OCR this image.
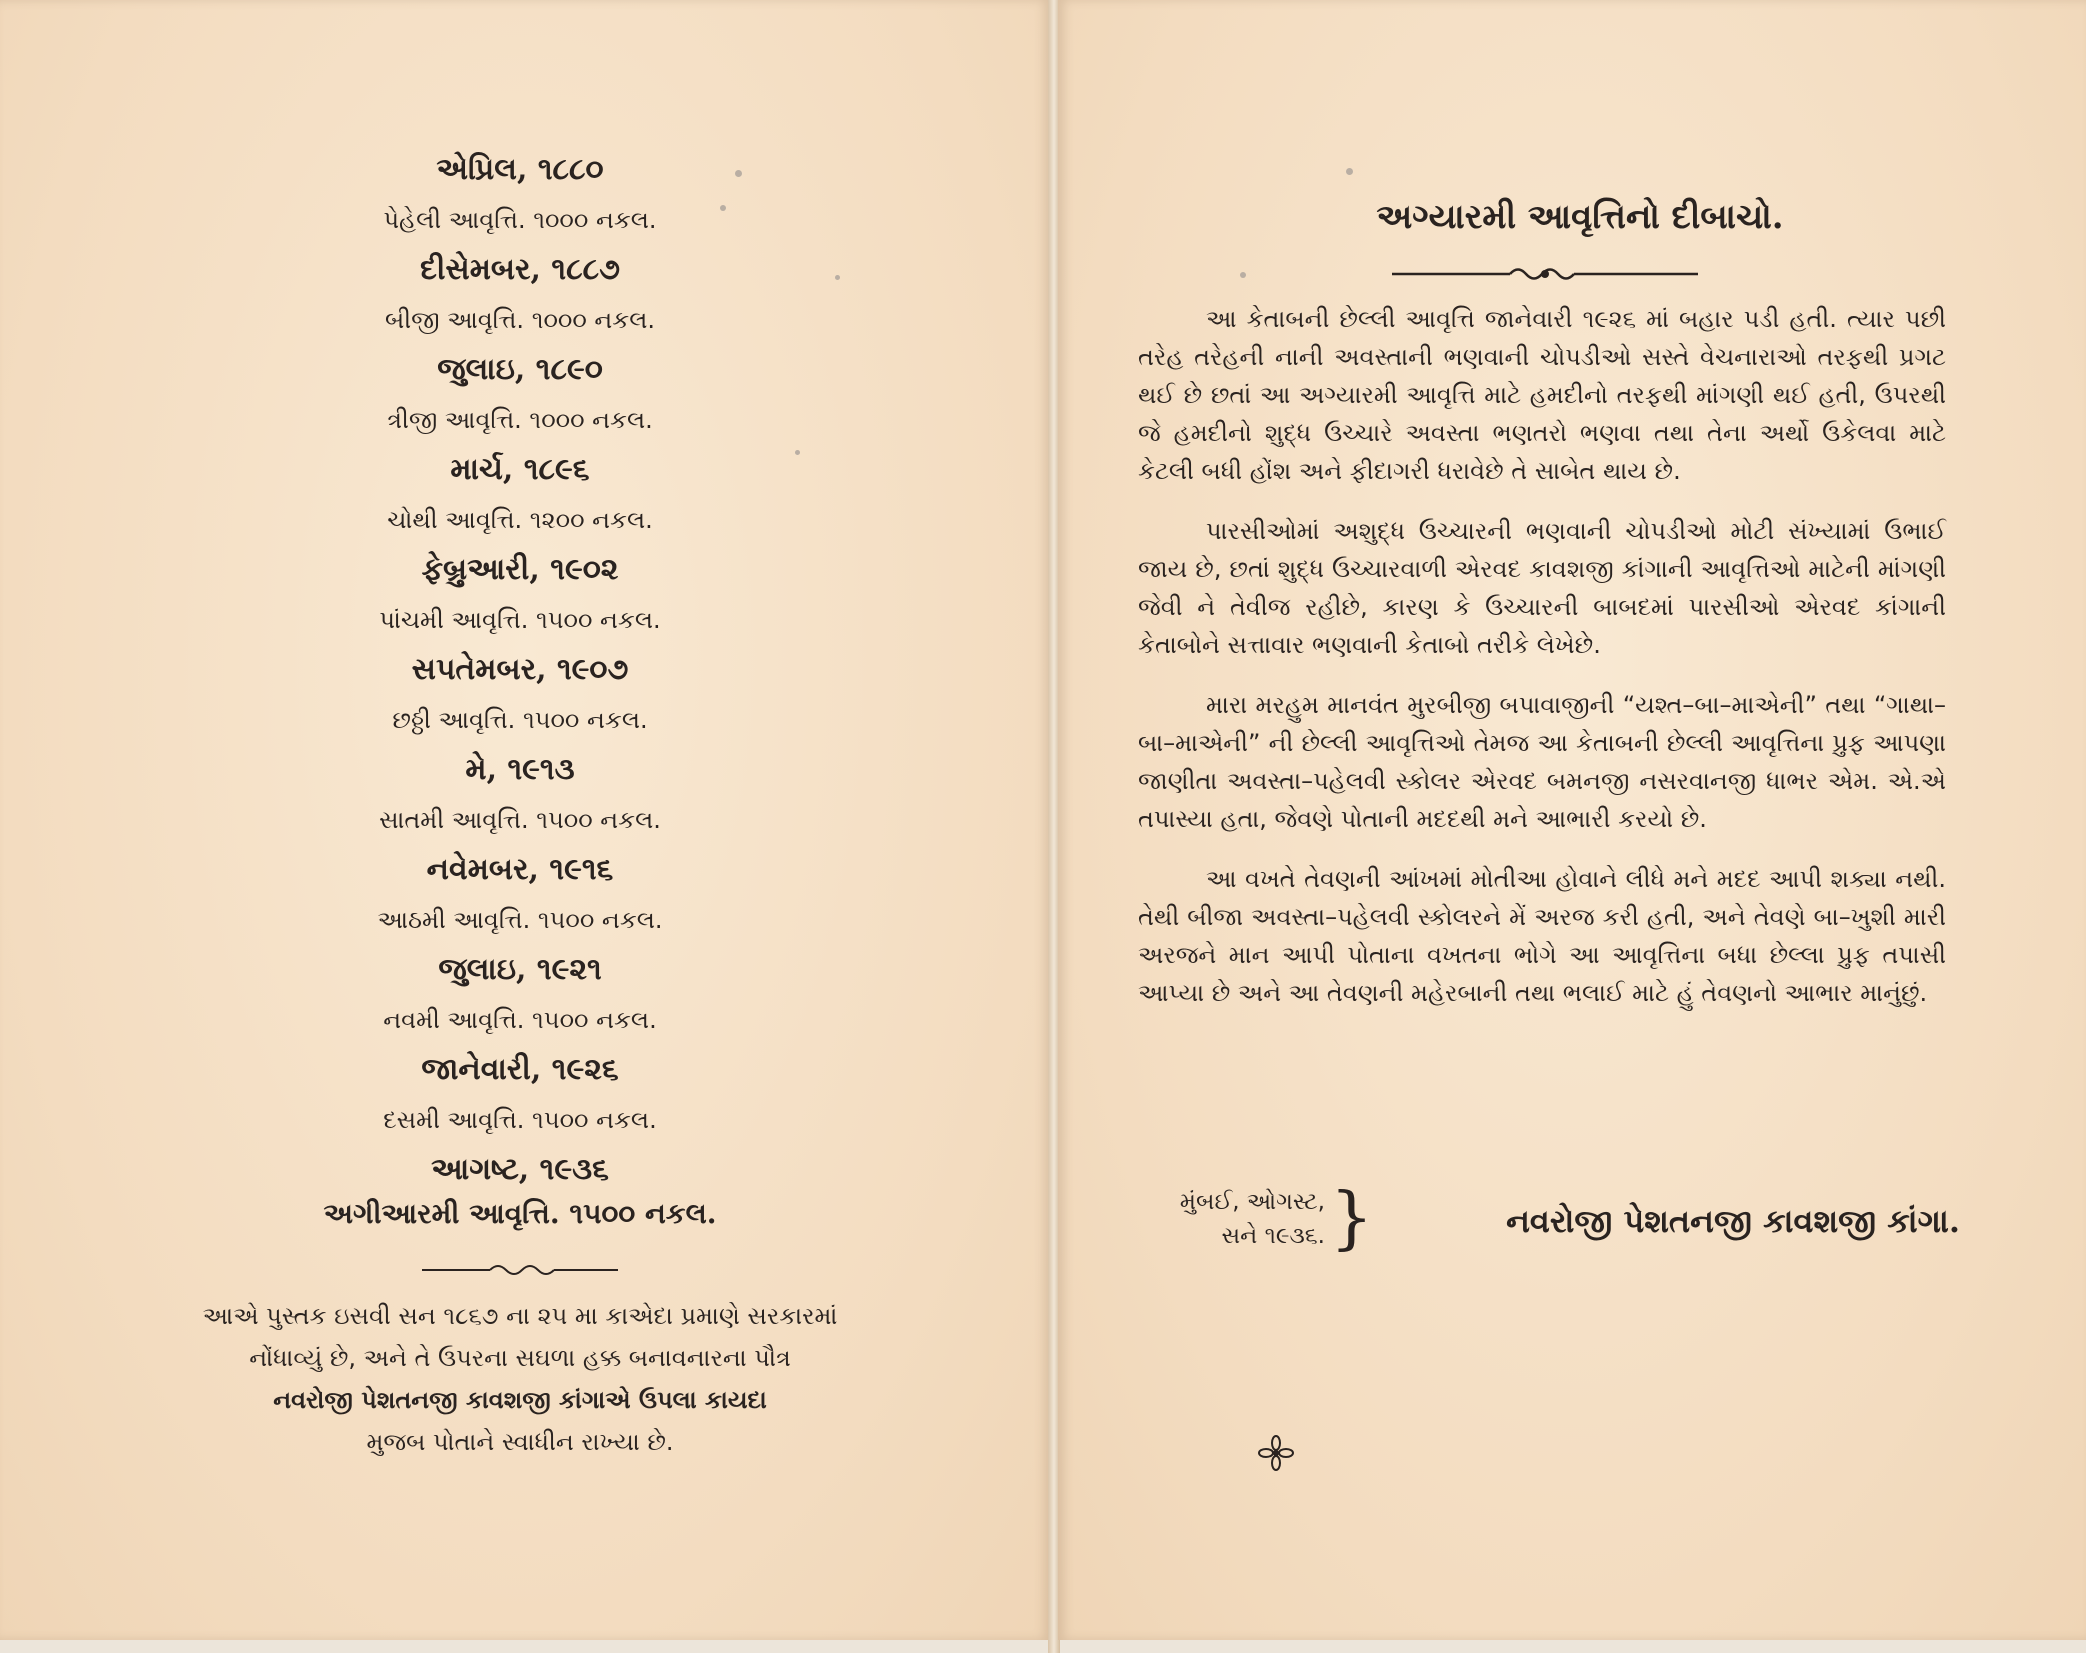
એપ્રિલ, ૧૮૮૦

પેહેલી આવૃત્તિ. ૧૦૦૦ નકલ.

દીસેમબર, ૧૮૮૭

બીજી આવૃત્તિ. ૧૦૦૦ નકલ.

જુલાઇ, ૧૮૯૦

ત્રીજી આવૃત્તિ. ૧૦૦૦ નકલ.

માર્ચ, ૧૮૯૬

ચોથી આવૃત્તિ. ૧૨૦૦ નકલ.

ફેબ્રુઆરી, ૧૯૦૨

પાંચમી આવૃત્તિ. ૧૫૦૦ નકલ.

સપતેમબર, ૧૯૦૭

છઠ્ઠી આવૃત્તિ. ૧૫૦૦ નકલ.

મે, ૧૯૧૩

સાતમી આવૃત્તિ. ૧૫૦૦ નકલ.

નવેમબર, ૧૯૧૬

આઠમી આવૃત્તિ. ૧૫૦૦ નકલ.

જુલાઇ, ૧૯૨૧

નવમી આવૃત્તિ. ૧૫૦૦ નકલ.

જાનેવારી, ૧૯૨૬

દસમી આવૃત્તિ. ૧૫૦૦ નકલ.

આગષ્ટ, ૧૯૩૬

અગીઆરમી આવૃત્તિ. ૧૫૦૦ નકલ.

આએ પુસ્તક ઇસવી સન ૧૮૬૭ ના ૨૫ મા કાએદા પ્રમાણે સરકારમાં
નોંધાવ્યું છે, અને તે ઉપરના સઘળા હક્ક બનાવનારના પૌત્ર
નવરોજી પેશતનજી કાવશજી કાંગાએ ઉપલા કાયદા
મુજબ પોતાને સ્વાધીન રાખ્યા છે.
અગ્યારમી આવૃત્તિનો દીબાચો.

આ કેતાબની છેલ્લી આવૃત્તિ જાનેવારી ૧૯૨૬ માં બહાર પડી હતી. ત્યાર પછી તરેહ તરેહની નાની અવસ્તાની ભણવાની ચોપડીઓ સસ્તે વેચનારાઓ તરફથી પ્રગટ થઈ છે છતાં આ અગ્યારમી આવૃત્તિ માટે હમદીનો તરફથી માંગણી થઈ હતી, ઉપરથી જે હમદીનો શુદ્ધ ઉચ્ચારે અવસ્તા ભણતરો ભણવા તથા તેના અર્થો ઉકેલવા માટે કેટલી બધી હોંશ અને ફીદાગરી ધરાવેછે તે સાબેત થાય છે.

પારસીઓમાં અશુદ્ધ ઉચ્ચારની ભણવાની ચોપડીઓ મોટી સંખ્યામાં ઉભાઈ જાય છે, છતાં શુદ્ધ ઉચ્ચારવાળી એરવદ કાવશજી કાંગાની આવૃત્તિઓ માટેની માંગણી જેવી ને તેવીજ રહીછે, કારણ કે ઉચ્ચારની બાબદમાં પારસીઓ એરવદ કાંગાની કેતાબોને સત્તાવાર ભણવાની કેતાબો તરીકે લેખેછે.

મારા મરહુમ માનવંત મુરબીજી બપાવાજીની “યશ્ત–બા–માએની” તથા “ગાથા–બા–માએની” ની છેલ્લી આવૃત્તિઓ તેમજ આ કેતાબની છેલ્લી આવૃત્તિના પ્રુફ આપણા જાણીતા અવસ્તા–પહેલવી સ્કોલર એરવદ બમનજી નસરવાનજી ધાભર એમ. એ.એ તપાસ્યા હતા, જેવણે પોતાની મદદથી મને આભારી કરયો છે.

આ વખતે તેવણની આંખમાં મોતીઆ હોવાને લીધે મને મદદ આપી શક્યા નથી. તેથી બીજા અવસ્તા–પહેલવી સ્કોલરને મેં અરજ કરી હતી, અને તેવણે બા–ખુશી મારી અરજને માન આપી પોતાના વખતના ભોગે આ આવૃત્તિના બધા છેલ્લા પ્રુફ તપાસી આપ્યા છે અને આ તેવણની મહેરબાની તથા ભલાઈ માટે હું તેવણનો આભાર માનુંછું.

મુંબઈ, ઓગસ્ટ,
સને ૧૯૩૬. }	નવરોજી પેશતનજી કાવશજી કાંગા.
